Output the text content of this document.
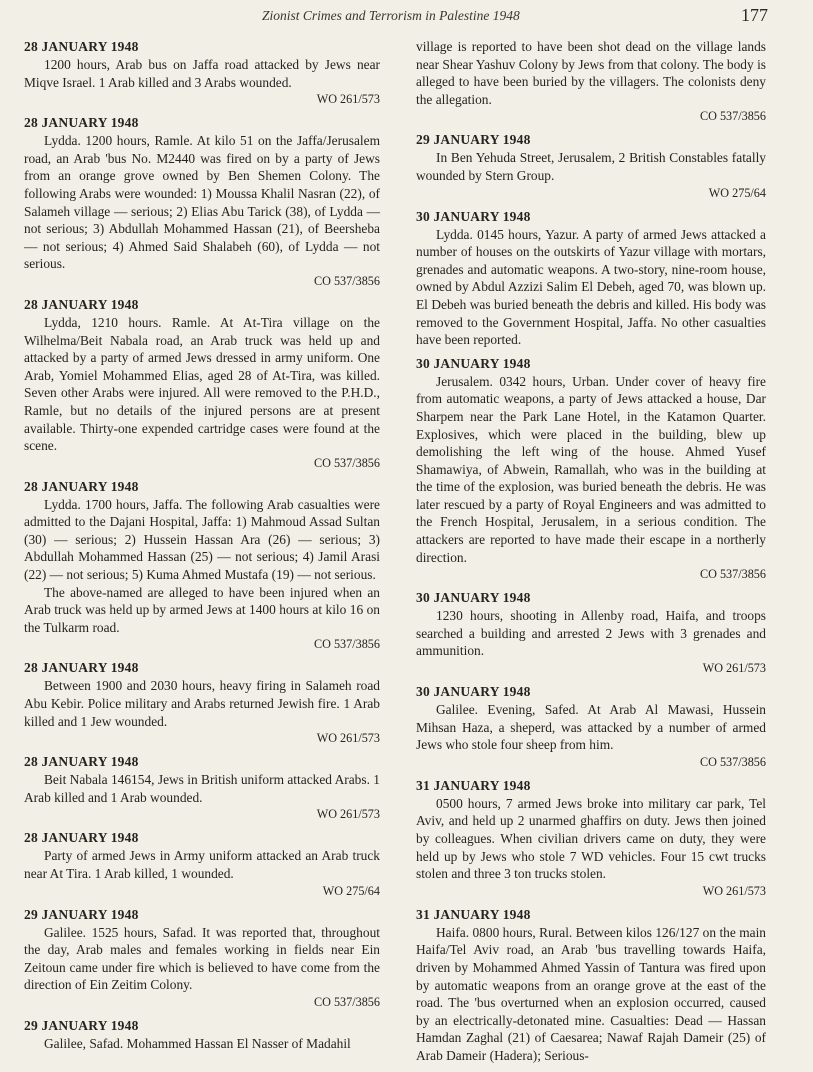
Zionist Crimes and Terrorism in Palestine 1948	177
28 JANUARY 1948

1200 hours, Arab bus on Jaffa road attacked by Jews near Miqve Israel. 1 Arab killed and 3 Arabs wounded.

WO 261/573
28 JANUARY 1948

Lydda. 1200 hours, Ramle. At kilo 51 on the Jaffa/Jerusalem road, an Arab 'bus No. M2440 was fired on by a party of Jews from an orange grove owned by Ben Shemen Colony. The following Arabs were wounded: 1) Moussa Khalil Nasran (22), of Salameh village — serious; 2) Elias Abu Tarick (38), of Lydda — not serious; 3) Abdullah Mohammed Hassan (21), of Beersheba — not serious; 4) Ahmed Said Shalabeh (60), of Lydda — not serious.

CO 537/3856
28 JANUARY 1948

Lydda, 1210 hours. Ramle. At At-Tira village on the Wilhelma/Beit Nabala road, an Arab truck was held up and attacked by a party of armed Jews dressed in army uniform. One Arab, Yomiel Mohammed Elias, aged 28 of At-Tira, was killed. Seven other Arabs were injured. All were removed to the P.H.D., Ramle, but no details of the injured persons are at present available. Thirty-one expended cartridge cases were found at the scene.

CO 537/3856
28 JANUARY 1948

Lydda. 1700 hours, Jaffa. The following Arab casualties were admitted to the Dajani Hospital, Jaffa: 1) Mahmoud Assad Sultan (30) — serious; 2) Hussein Hassan Ara (26) — serious; 3) Abdullah Mohammed Hassan (25) — not serious; 4) Jamil Arasi (22) — not serious; 5) Kuma Ahmed Mustafa (19) — not serious.

The above-named are alleged to have been injured when an Arab truck was held up by armed Jews at 1400 hours at kilo 16 on the Tulkarm road.

CO 537/3856
28 JANUARY 1948

Between 1900 and 2030 hours, heavy firing in Salameh road Abu Kebir. Police military and Arabs returned Jewish fire. 1 Arab killed and 1 Jew wounded.

WO 261/573
28 JANUARY 1948

Beit Nabala 146154, Jews in British uniform attacked Arabs. 1 Arab killed and 1 Arab wounded.

WO 261/573
28 JANUARY 1948

Party of armed Jews in Army uniform attacked an Arab truck near At Tira. 1 Arab killed, 1 wounded.

WO 275/64
29 JANUARY 1948

Galilee. 1525 hours, Safad. It was reported that, throughout the day, Arab males and females working in fields near Ein Zeitoun came under fire which is believed to have come from the direction of Ein Zeitim Colony.

CO 537/3856
29 JANUARY 1948

Galilee, Safad. Mohammed Hassan El Nasser of Madahil

village is reported to have been shot dead on the village lands near Shear Yashuv Colony by Jews from that colony. The body is alleged to have been buried by the villagers. The colonists deny the allegation.

CO 537/3856
29 JANUARY 1948

In Ben Yehuda Street, Jerusalem, 2 British Constables fatally wounded by Stern Group.

WO 275/64
30 JANUARY 1948

Lydda. 0145 hours, Yazur. A party of armed Jews attacked a number of houses on the outskirts of Yazur village with mortars, grenades and automatic weapons. A two-story, nine-room house, owned by Abdul Azzizi Salim El Debeh, aged 70, was blown up. El Debeh was buried beneath the debris and killed. His body was removed to the Government Hospital, Jaffa. No other casualties have been reported.

30 JANUARY 1948

Jerusalem. 0342 hours, Urban. Under cover of heavy fire from automatic weapons, a party of Jews attacked a house, Dar Sharpem near the Park Lane Hotel, in the Katamon Quarter. Explosives, which were placed in the building, blew up demolishing the left wing of the house. Ahmed Yusef Shamawiya, of Abwein, Ramallah, who was in the building at the time of the explosion, was buried beneath the debris. He was later rescued by a party of Royal Engineers and was admitted to the French Hospital, Jerusalem, in a serious condition. The attackers are reported to have made their escape in a northerly direction.

CO 537/3856
30 JANUARY 1948

1230 hours, shooting in Allenby road, Haifa, and troops searched a building and arrested 2 Jews with 3 grenades and ammunition.

WO 261/573
30 JANUARY 1948

Galilee. Evening, Safed. At Arab Al Mawasi, Hussein Mihsan Haza, a sheperd, was attacked by a number of armed Jews who stole four sheep from him.

CO 537/3856
31 JANUARY 1948

0500 hours, 7 armed Jews broke into military car park, Tel Aviv, and held up 2 unarmed ghaffirs on duty. Jews then joined by colleagues. When civilian drivers came on duty, they were held up by Jews who stole 7 WD vehicles. Four 15 cwt trucks stolen and three 3 ton trucks stolen.

WO 261/573
31 JANUARY 1948

Haifa. 0800 hours, Rural. Between kilos 126/127 on the main Haifa/Tel Aviv road, an Arab 'bus travelling towards Haifa, driven by Mohammed Ahmed Yassin of Tantura was fired upon by automatic weapons from an orange grove at the east of the road. The 'bus overturned when an explosion occurred, caused by an electrically-detonated mine. Casualties: Dead — Hassan Hamdan Zaghal (21) of Caesarea; Nawaf Rajah Dameir (25) of Arab Dameir (Hadera); Serious-
